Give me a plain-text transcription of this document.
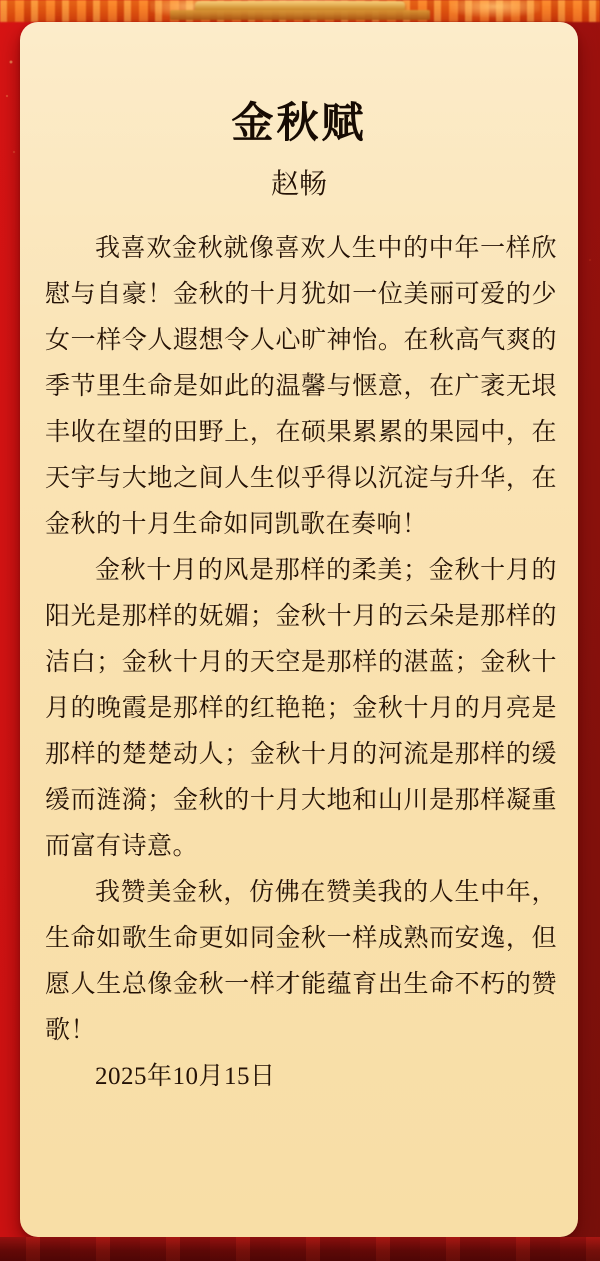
金秋赋
赵畅

我喜欢金秋就像喜欢人生中的中年一样欣慰与自豪！金秋的十月犹如一位美丽可爱的少女一样令人遐想令人心旷神怡。在秋高气爽的季节里生命是如此的温馨与惬意，在广袤无垠丰收在望的田野上，在硕果累累的果园中，在天宇与大地之间人生似乎得以沉淀与升华，在金秋的十月生命如同凯歌在奏响！

金秋十月的风是那样的柔美；金秋十月的阳光是那样的妩媚；金秋十月的云朵是那样的洁白；金秋十月的天空是那样的湛蓝；金秋十月的晚霞是那样的红艳艳；金秋十月的月亮是那样的楚楚动人；金秋十月的河流是那样的缓缓而涟漪；金秋的十月大地和山川是那样凝重而富有诗意。

我赞美金秋，仿佛在赞美我的人生中年，生命如歌生命更如同金秋一样成熟而安逸，但愿人生总像金秋一样才能蕴育出生命不朽的赞歌！

2025年10月15日
